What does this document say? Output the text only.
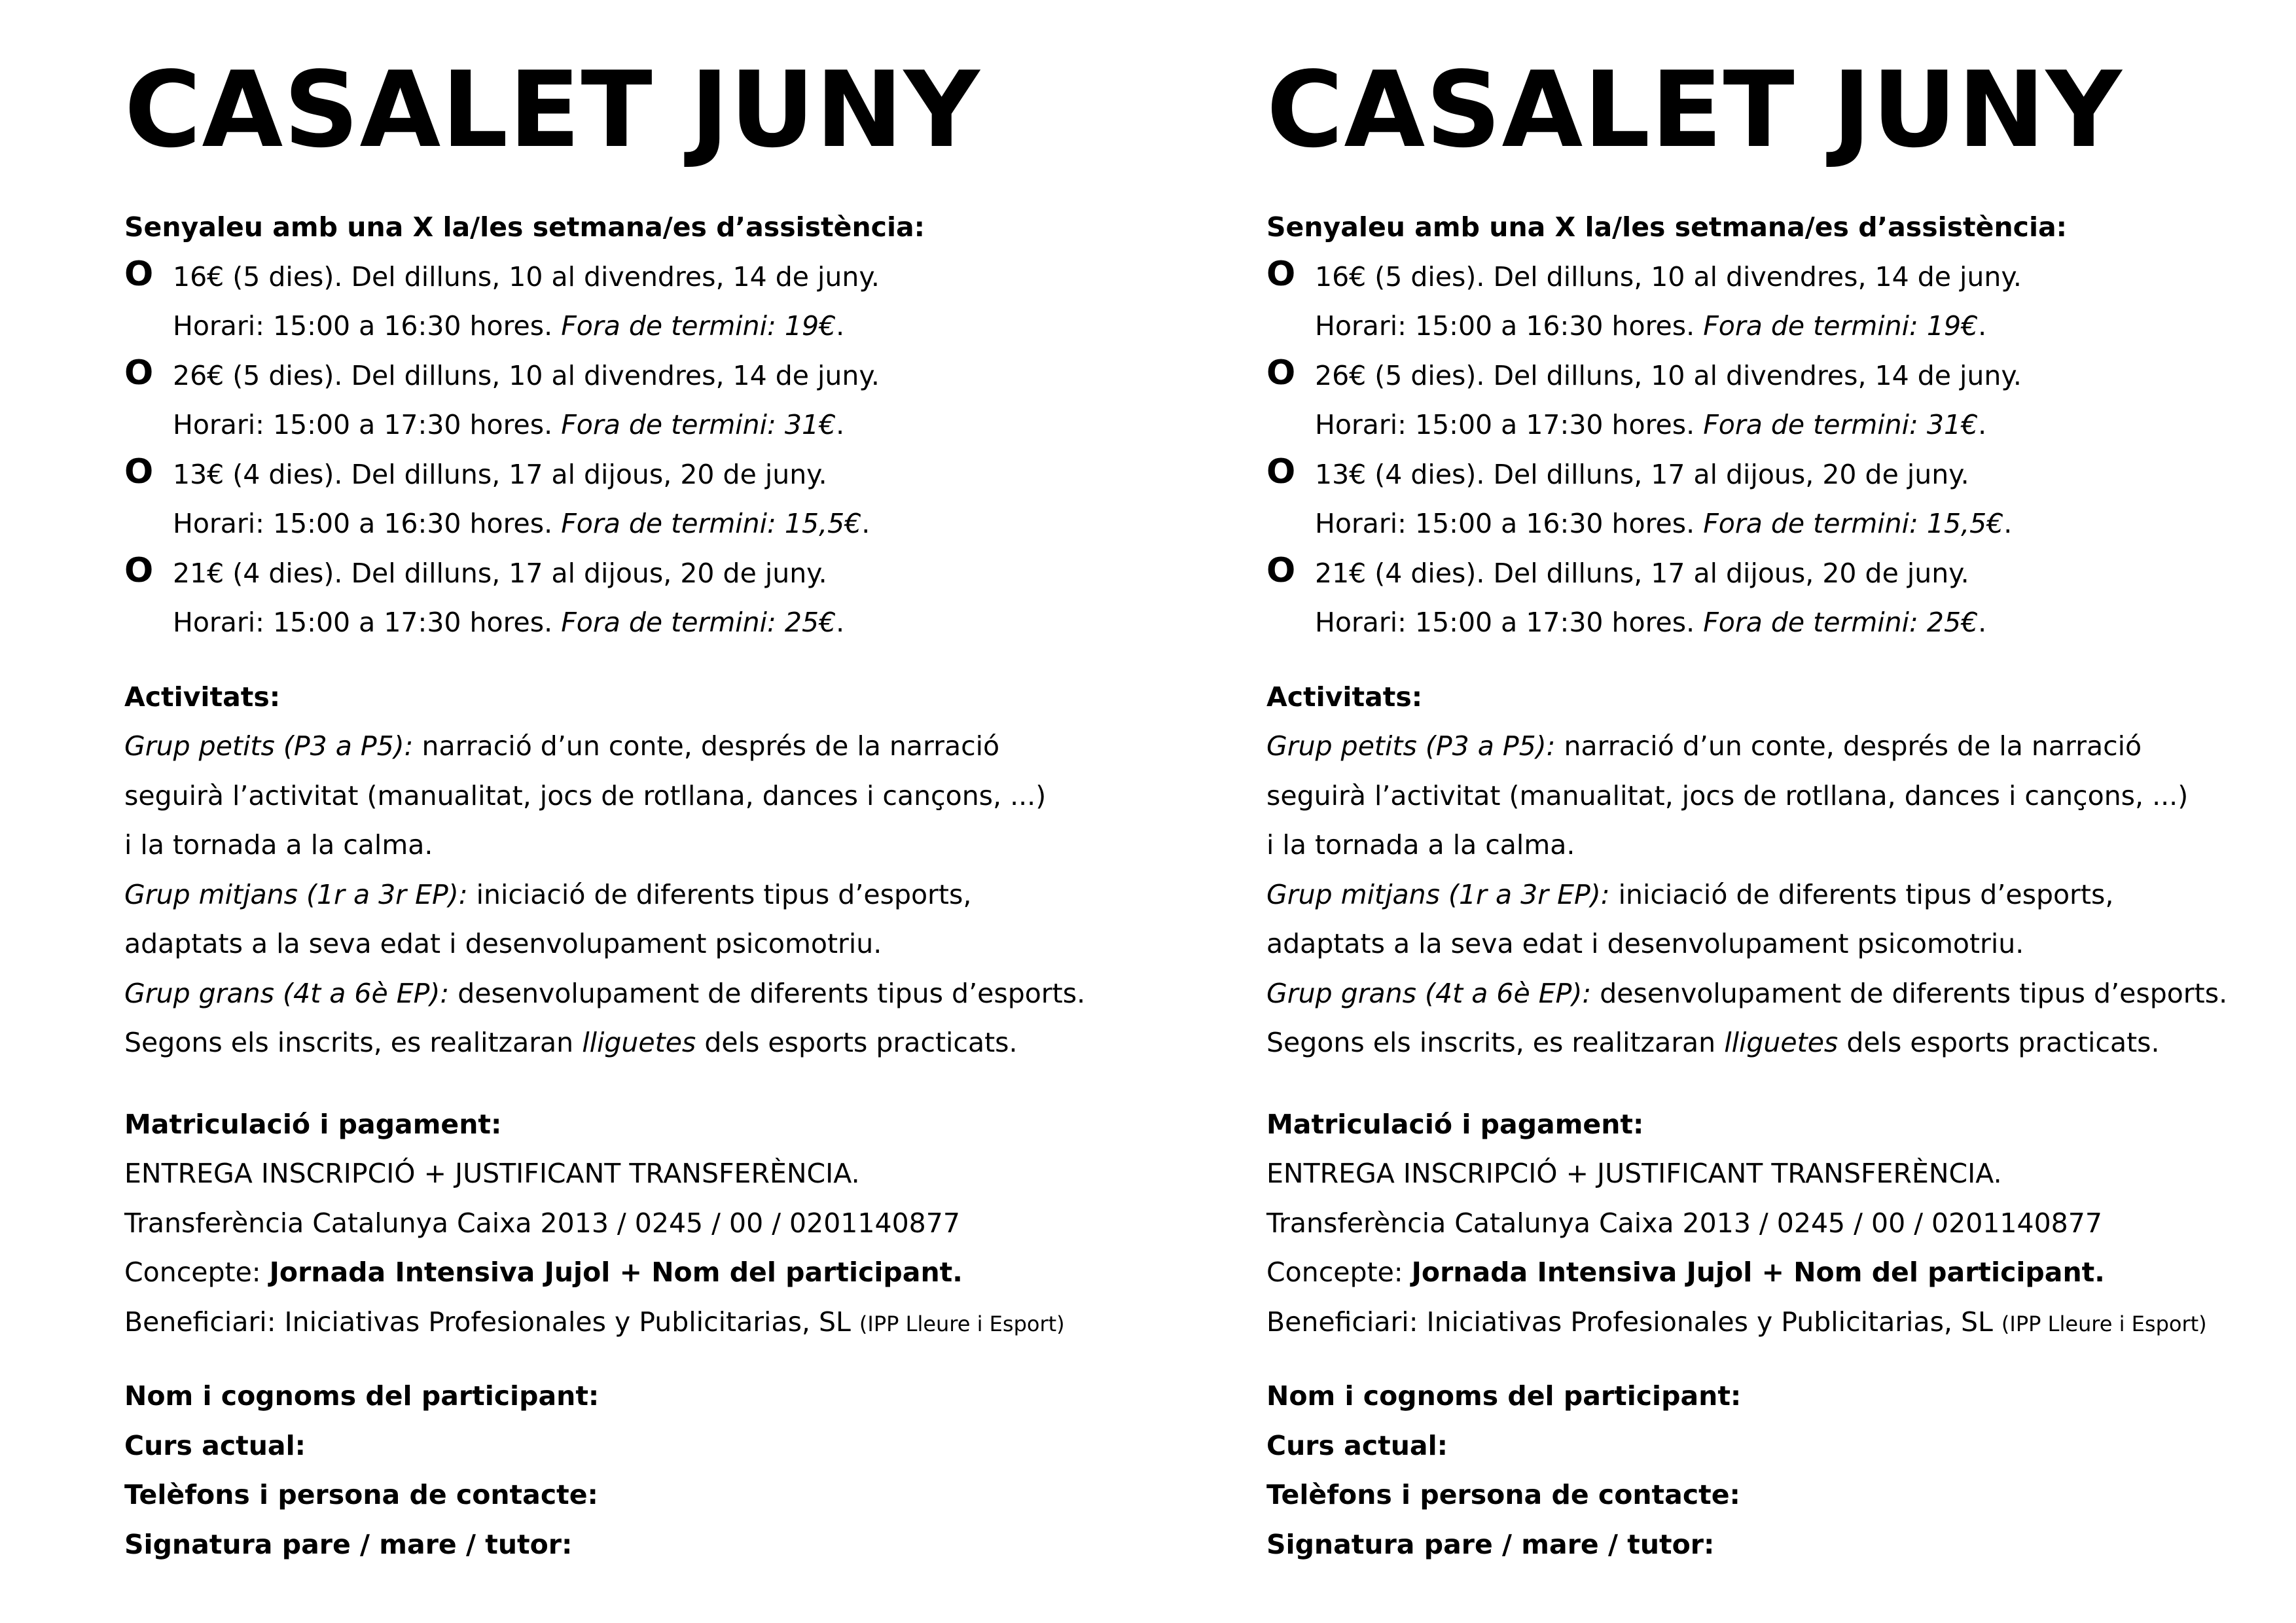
CASALET JUNY

Senyaleu amb una X la/les setmana/es d’assistència:

O 16€ (5 dies). Del dilluns, 10 al divendres, 14 de juny.

Horari: 15:00 a 16:30 hores. Fora de termini: 19€.

O 26€ (5 dies). Del dilluns, 10 al divendres, 14 de juny.

Horari: 15:00 a 17:30 hores. Fora de termini: 31€.

O 13€ (4 dies). Del dilluns, 17 al dijous, 20 de juny.

Horari: 15:00 a 16:30 hores. Fora de termini: 15,5€.

O 21€ (4 dies). Del dilluns, 17 al dijous, 20 de juny.

Horari: 15:00 a 17:30 hores. Fora de termini: 25€.

Activitats:

Grup petits (P3 a P5): narració d’un conte, després de la narració

seguirà l’activitat (manualitat, jocs de rotllana, dances i cançons, ...)

i la tornada a la calma.

Grup mitjans (1r a 3r EP): iniciació de diferents tipus d’esports,

adaptats a la seva edat i desenvolupament psicomotriu.

Grup grans (4t a 6è EP): desenvolupament de diferents tipus d’esports.

Segons els inscrits, es realitzaran lliguetes dels esports practicats.

Matriculació i pagament:

ENTREGA INSCRIPCIÓ + JUSTIFICANT TRANSFERÈNCIA.

Transferència Catalunya Caixa 2013 / 0245 / 00 / 0201140877

Concepte: Jornada Intensiva Jujol + Nom del participant.

Beneficiari: Iniciativas Profesionales y Publicitarias, SL (IPP Lleure i Esport)

Nom i cognoms del participant:

Curs actual:

Telèfons i persona de contacte:

Signatura pare / mare / tutor:

CASALET JUNY

Senyaleu amb una X la/les setmana/es d’assistència:

O 16€ (5 dies). Del dilluns, 10 al divendres, 14 de juny.

Horari: 15:00 a 16:30 hores. Fora de termini: 19€.

O 26€ (5 dies). Del dilluns, 10 al divendres, 14 de juny.

Horari: 15:00 a 17:30 hores. Fora de termini: 31€.

O 13€ (4 dies). Del dilluns, 17 al dijous, 20 de juny.

Horari: 15:00 a 16:30 hores. Fora de termini: 15,5€.

O 21€ (4 dies). Del dilluns, 17 al dijous, 20 de juny.

Horari: 15:00 a 17:30 hores. Fora de termini: 25€.

Activitats:

Grup petits (P3 a P5): narració d’un conte, després de la narració

seguirà l’activitat (manualitat, jocs de rotllana, dances i cançons, ...)

i la tornada a la calma.

Grup mitjans (1r a 3r EP): iniciació de diferents tipus d’esports,

adaptats a la seva edat i desenvolupament psicomotriu.

Grup grans (4t a 6è EP): desenvolupament de diferents tipus d’esports.

Segons els inscrits, es realitzaran lliguetes dels esports practicats.

Matriculació i pagament:

ENTREGA INSCRIPCIÓ + JUSTIFICANT TRANSFERÈNCIA.

Transferència Catalunya Caixa 2013 / 0245 / 00 / 0201140877

Concepte: Jornada Intensiva Jujol + Nom del participant.

Beneficiari: Iniciativas Profesionales y Publicitarias, SL (IPP Lleure i Esport)

Nom i cognoms del participant:

Curs actual:

Telèfons i persona de contacte:

Signatura pare / mare / tutor:
